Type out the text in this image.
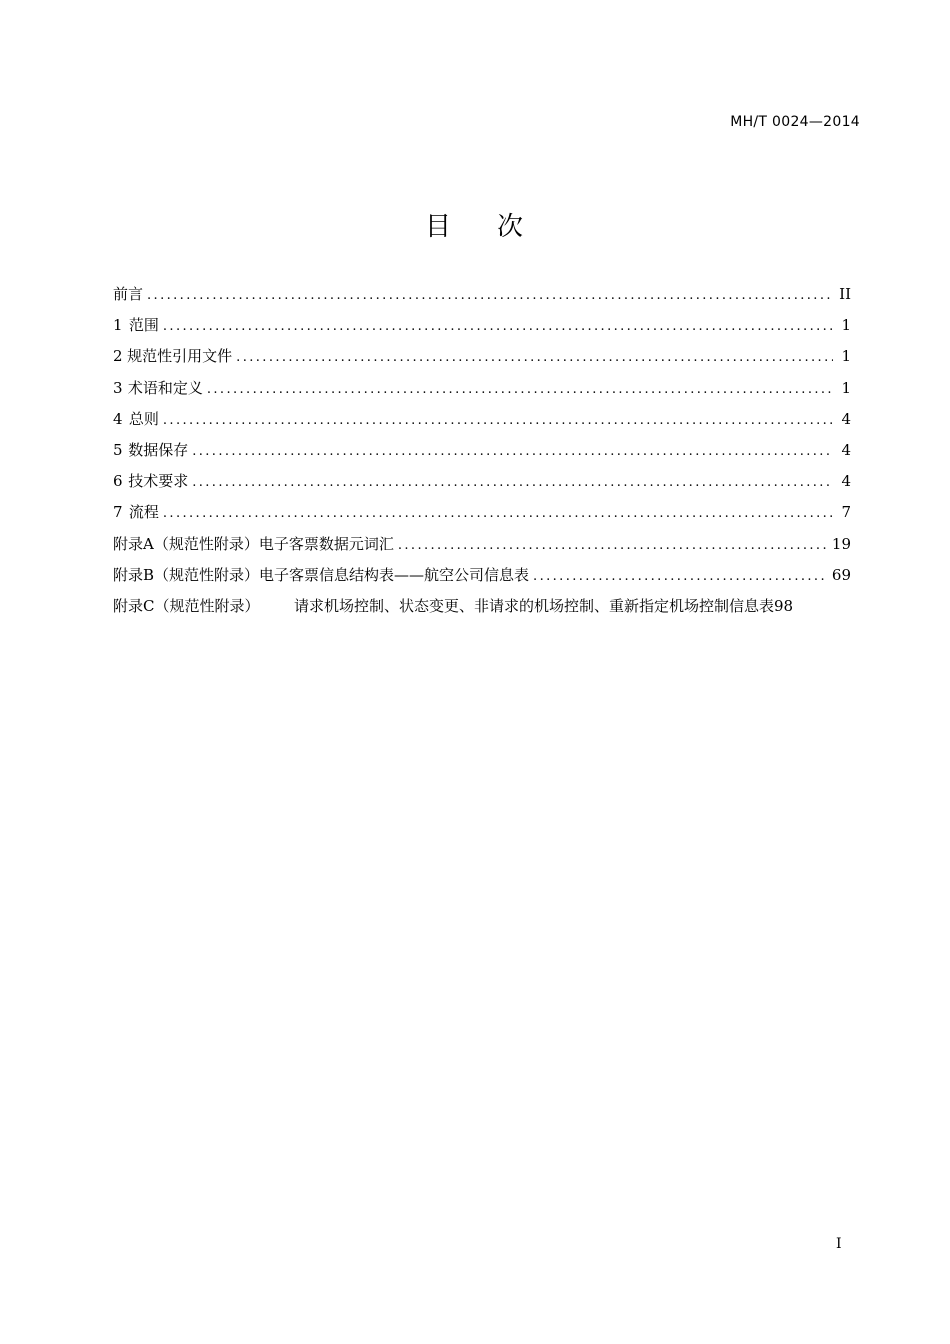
MH/T 0024—2014
目 次
前言 .....	II
1 范围 .....	1
2 规范性引用文件 .....	1
3 术语和定义 .....	1
4 总则 .....	4
5 数据保存 .....	4
6 技术要求 .....	4
7 流程 .....	7
附录A（规范性附录） 电子客票数据元词汇 .....	19
附录B（规范性附录） 电子客票信息结构表——航空公司信息表 .....	69
附录C（规范性附录）	请求机场控制、状态变更、非请求的机场控制、重新指定机场控制信息表 98
I
